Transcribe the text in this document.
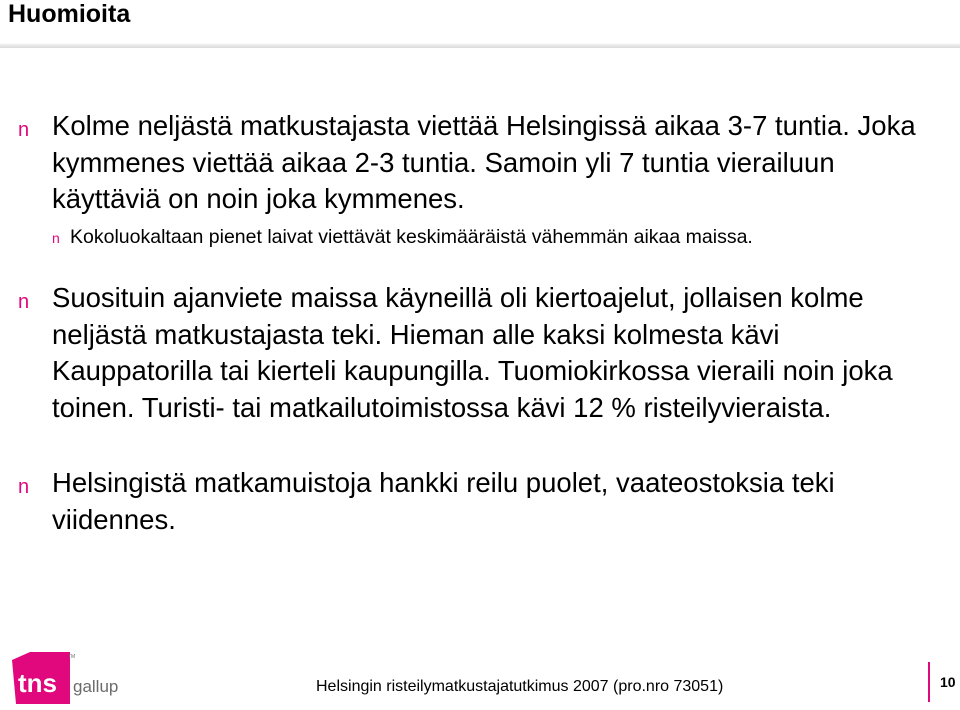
Huomioita
n Kolme neljästä matkustajasta viettää Helsingissä aikaa 3-7 tuntia. Joka kymmenes viettää aikaa 2-3 tuntia. Samoin yli 7 tuntia vierailuun käyttäviä on noin joka kymmenes.
n Kokoluokaltaan pienet laivat viettävät keskimääräistä vähemmän aikaa maissa.
n Suosituin ajanviete maissa käyneillä oli kiertoajelut, jollaisen kolme neljästä matkustajasta teki. Hieman alle kaksi kolmesta kävi Kauppatorilla tai kierteli kaupungilla. Tuomiokirkossa vieraili noin joka toinen. Turisti- tai matkailutoimistossa kävi 12 % risteilyvieraista.
n Helsingistä matkamuistoja hankki reilu puolet, vaateostoksia teki viidennes.
tns
TM
gallup	Helsingin risteilymatkustajatutkimus 2007 (pro.nro 73051)	10
